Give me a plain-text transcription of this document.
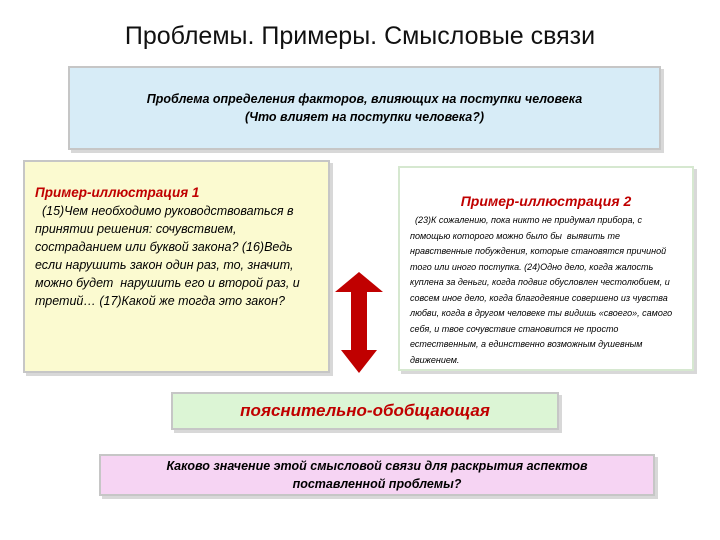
Проблемы. Примеры. Смысловые связи
Проблема определения факторов, влияющих на поступки человека
(Что влияет на поступки человека?)
Пример-иллюстрация 1
(15)Чем необходимо руководствоваться в принятии решения: сочувствием, состраданием или буквой закона? (16)Ведь если нарушить закон один раз, то, значит, можно будет  нарушить его и второй раз, и третий… (17)Какой же тогда это закон?
Пример-иллюстрация 2
(23)К сожалению, пока никто не придумал прибора, с помощью которого можно было бы  выявить те нравственные побуждения, которые становятся причиной того или иного поступка. (24)Одно дело, когда жалость куплена за деньги, когда подвиг обусловлен честолюбием, и совсем иное дело, когда благодеяние совершено из чувства любви, когда в другом человеке ты видишь «своего», самого себя, и твое сочувствие становится не просто естественным, а единственно возможным душевным движением.
пояснительно-обобщающая
Каково значение этой смысловой связи для раскрытия аспектов
поставленной проблемы?
